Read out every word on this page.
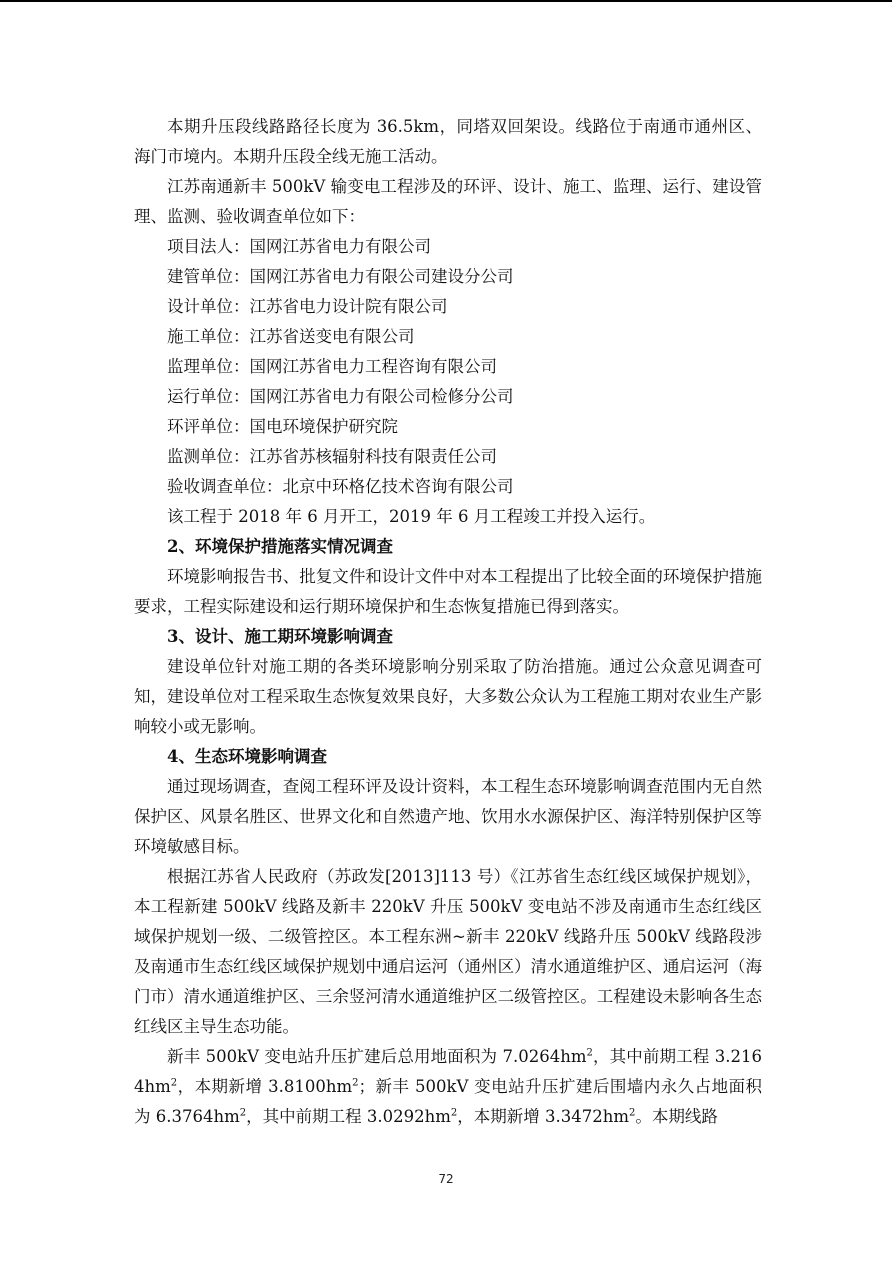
本期升压段线路路径长度为 36.5km，同塔双回架设。线路位于南通市通州区、海门市境内。本期升压段全线无施工活动。

江苏南通新丰 500kV 输变电工程涉及的环评、设计、施工、监理、运行、建设管理、监测、验收调查单位如下：

项目法人：国网江苏省电力有限公司

建管单位：国网江苏省电力有限公司建设分公司

设计单位：江苏省电力设计院有限公司

施工单位：江苏省送变电有限公司

监理单位：国网江苏省电力工程咨询有限公司

运行单位：国网江苏省电力有限公司检修分公司

环评单位：国电环境保护研究院

监测单位：江苏省苏核辐射科技有限责任公司

验收调查单位：北京中环格亿技术咨询有限公司

该工程于 2018 年 6 月开工，2019 年 6 月工程竣工并投入运行。

2、环境保护措施落实情况调查

环境影响报告书、批复文件和设计文件中对本工程提出了比较全面的环境保护措施要求，工程实际建设和运行期环境保护和生态恢复措施已得到落实。

3、设计、施工期环境影响调查

建设单位针对施工期的各类环境影响分别采取了防治措施。通过公众意见调查可知，建设单位对工程采取生态恢复效果良好，大多数公众认为工程施工期对农业生产影响较小或无影响。

4、生态环境影响调查

通过现场调查，查阅工程环评及设计资料，本工程生态环境影响调查范围内无自然保护区、风景名胜区、世界文化和自然遗产地、饮用水水源保护区、海洋特别保护区等环境敏感目标。

根据江苏省人民政府（苏政发[2013]113 号）《江苏省生态红线区域保护规划》，本工程新建 500kV 线路及新丰 220kV 升压 500kV 变电站不涉及南通市生态红线区域保护规划一级、二级管控区。本工程东洲~新丰 220kV 线路升压 500kV 线路段涉及南通市生态红线区域保护规划中通启运河（通州区）清水通道维护区、通启运河（海门市）清水通道维护区、三余竖河清水通道维护区二级管控区。工程建设未影响各生态红线区主导生态功能。

新丰 500kV 变电站升压扩建后总用地面积为 $7.0264hm^2$，其中前期工程 $3.2164hm^2$，本期新增 $3.8100hm^2$；新丰 500kV 变电站升压扩建后围墙内永久占地面积为 $6.3764hm^2$，其中前期工程 $3.0292hm^2$，本期新增 $3.3472hm^2$。本期线路

72
